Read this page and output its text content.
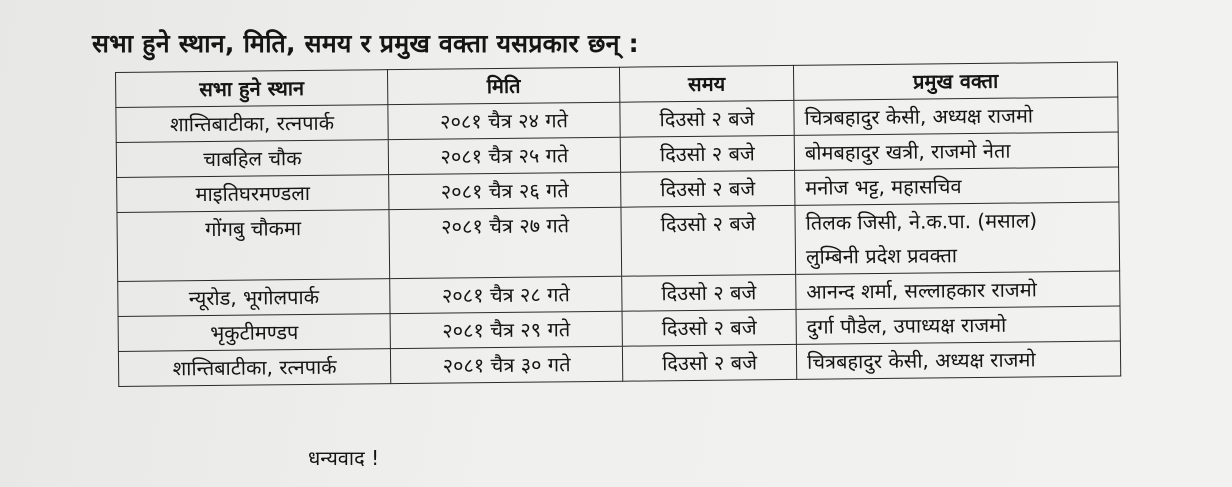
सभा हुने स्थान, मिति, समय र प्रमुख वक्ता यसप्रकार छन् :
सभा हुने स्थान	मिति	समय	प्रमुख वक्ता
शान्तिबाटीका, रत्नपार्क	२०८१ चैत्र २४ गते	दिउसो २ बजे	चित्रबहादुर केसी, अध्यक्ष राजमो

चाबहिल चौक	२०८१ चैत्र २५ गते	दिउसो २ बजे	बोमबहादुर खत्री, राजमो नेता

माइतिघरमण्डला	२०८१ चैत्र २६ गते	दिउसो २ बजे	मनोज भट्ट, महासचिव

गोंगबु चौकमा	२०८१ चैत्र २७ गते	दिउसो २ बजे	तिलक जिसी, ने.क.पा. (मसाल)
लुम्बिनी प्रदेश प्रवक्ता

न्यूरोड, भूगोलपार्क	२०८१ चैत्र २८ गते	दिउसो २ बजे	आनन्द शर्मा, सल्लाहकार राजमो

भृकुटीमण्डप	२०८१ चैत्र २९ गते	दिउसो २ बजे	दुर्गा पौडेल, उपाध्यक्ष राजमो

शान्तिबाटीका, रत्नपार्क	२०८१ चैत्र ३० गते	दिउसो २ बजे	चित्रबहादुर केसी, अध्यक्ष राजमो
धन्यवाद !
